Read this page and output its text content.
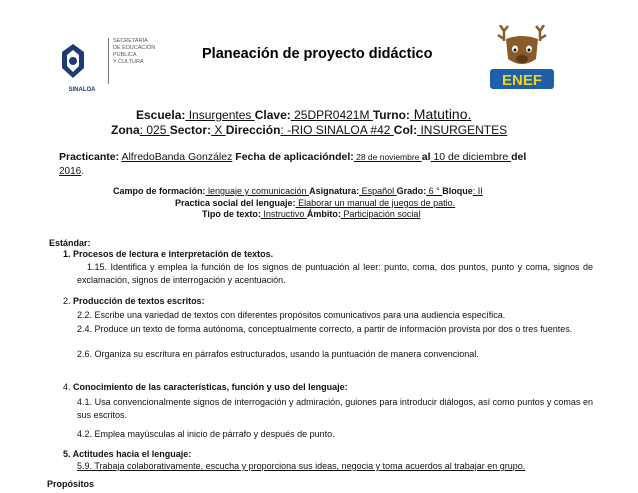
SECRETARÍA
DE EDUCACIÓN
PÚBLICA
Y CULTURA
SINALOA
Planeación de proyecto didáctico
ENEF
Escuela: Insurgentes Clave: 25DPR0421M Turno: Matutino.
Zona: 025 Sector: X Dirección: -RIO SINALOA #42 Col: INSURGENTES
Practicante: AlfredoBanda González Fecha de aplicacióndel: 28 de noviembre al 10 de diciembre del
2016.
Campo de formación: lenguaje y comunicación Asignatura: Español Grado: 6 ° Bloque: II
Practica social del lenguaje: Elaborar un manual de juegos de patio.
Tipo de texto: Instructivo Ámbito: Participación social
Estándar:
1. Procesos de lectura e interpretación de textos.
1.15. Identifica y emplea la función de los signos de puntuación al leer: punto, coma, dos puntos, punto y coma, signos de exclamación, signos de interrogación y acentuación.
2. Producción de textos escritos:
2.2. Escribe una variedad de textos con diferentes propósitos comunicativos para una audiencia específica.
2.4. Produce un texto de forma autónoma, conceptualmente correcto, a partir de información provista por dos o tres fuentes.
2.6. Organiza su escritura en párrafos estructurados, usando la puntuación de manera convencional.
4. Conocimiento de las características, función y uso del lenguaje:
4.1. Usa convencionalmente signos de interrogación y admiración, guiones para introducir diálogos, así como puntos y comas en sus escritos.
4.2. Emplea mayúsculas al inicio de párrafo y después de punto.
5. Actitudes hacia el lenguaje:
5.9. Trabaja colaborativamente, escucha y proporciona sus ideas, negocia y toma acuerdos al trabajar en grupo.
Propósitos
